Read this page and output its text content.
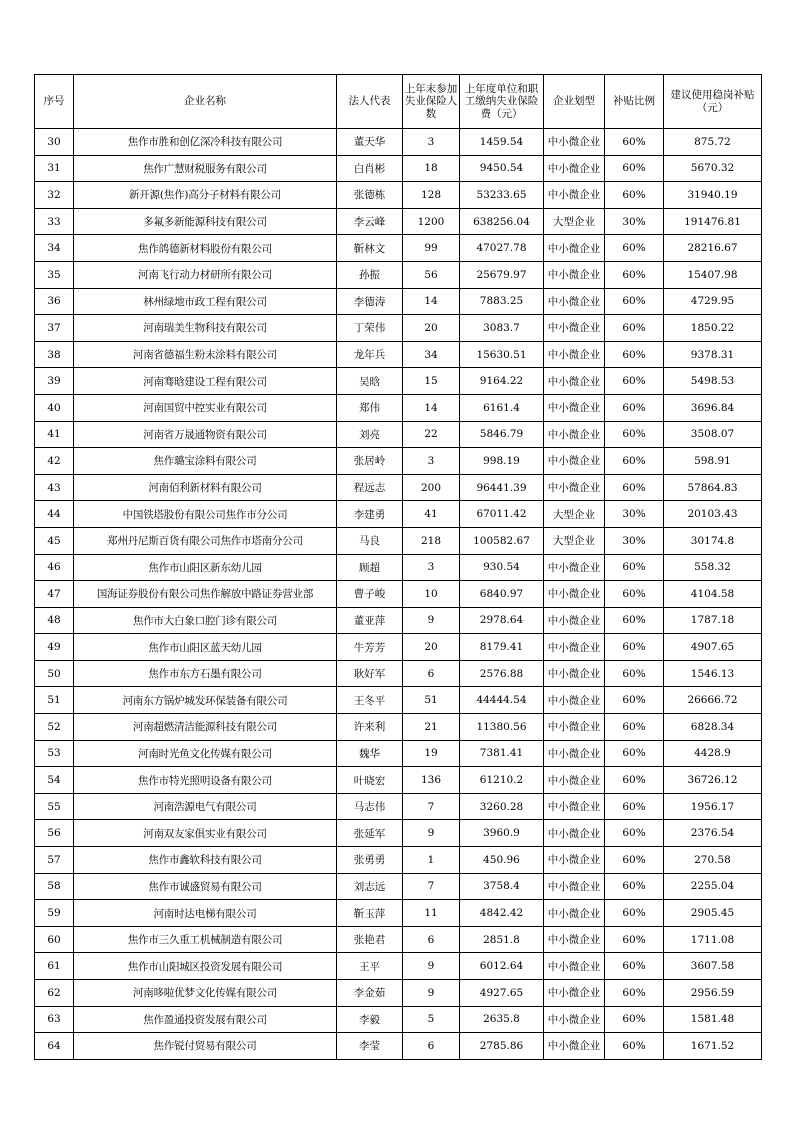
序号	企业名称	法人代表	上年末参加失业保险人数	上年度单位和职工缴纳失业保险费（元）	企业划型	补贴比例	建议使用稳岗补贴（元）
30	焦作市胜和创亿深冷科技有限公司	董天华	3	1459.54	中小微企业	60%	875.72
31	焦作广慧财税服务有限公司	白肖彬	18	9450.54	中小微企业	60%	5670.32
32	新开源(焦作)高分子材料有限公司	张德栋	128	53233.65	中小微企业	60%	31940.19
33	多氟多新能源科技有限公司	李云峰	1200	638256.04	大型企业	30%	191476.81
34	焦作鸽德新材料股份有限公司	靳林文	99	47027.78	中小微企业	60%	28216.67
35	河南飞行动力材研所有限公司	孙振	56	25679.97	中小微企业	60%	15407.98
36	林州绿地市政工程有限公司	李德涛	14	7883.25	中小微企业	60%	4729.95
37	河南瑞美生物科技有限公司	丁荣伟	20	3083.7	中小微企业	60%	1850.22
38	河南省德福生粉末涂料有限公司	龙年兵	34	15630.51	中小微企业	60%	9378.31
39	河南骞晗建设工程有限公司	吴晗	15	9164.22	中小微企业	60%	5498.53
40	河南国贸中控实业有限公司	郑伟	14	6161.4	中小微企业	60%	3696.84
41	河南省万晟通物资有限公司	刘亮	22	5846.79	中小微企业	60%	3508.07
42	焦作璐宝涂料有限公司	张居岭	3	998.19	中小微企业	60%	598.91
43	河南佰利新材料有限公司	程远志	200	96441.39	中小微企业	60%	57864.83
44	中国铁塔股份有限公司焦作市分公司	李建勇	41	67011.42	大型企业	30%	20103.43
45	郑州丹尼斯百货有限公司焦作市塔南分公司	马良	218	100582.67	大型企业	30%	30174.8
46	焦作市山阳区新东幼儿园	顾超	3	930.54	中小微企业	60%	558.32
47	国海证券股份有限公司焦作解放中路证券营业部	曹子峻	10	6840.97	中小微企业	60%	4104.58
48	焦作市大白象口腔门诊有限公司	董亚萍	9	2978.64	中小微企业	60%	1787.18
49	焦作市山阳区蓝天幼儿园	牛芳芳	20	8179.41	中小微企业	60%	4907.65
50	焦作市东方石墨有限公司	耿好军	6	2576.88	中小微企业	60%	1546.13
51	河南东方锅炉城发环保装备有限公司	王冬平	51	44444.54	中小微企业	60%	26666.72
52	河南超燃清洁能源科技有限公司	许来利	21	11380.56	中小微企业	60%	6828.34
53	河南时光鱼文化传媒有限公司	魏华	19	7381.41	中小微企业	60%	4428.9
54	焦作市特光照明设备有限公司	叶晓宏	136	61210.2	中小微企业	60%	36726.12
55	河南浩源电气有限公司	马志伟	7	3260.28	中小微企业	60%	1956.17
56	河南双友家俱实业有限公司	张延军	9	3960.9	中小微企业	60%	2376.54
57	焦作市鑫软科技有限公司	张勇勇	1	450.96	中小微企业	60%	270.58
58	焦作市诚盛贸易有限公司	刘志远	7	3758.4	中小微企业	60%	2255.04
59	河南时达电梯有限公司	靳玉萍	11	4842.42	中小微企业	60%	2905.45
60	焦作市三久重工机械制造有限公司	张艳君	6	2851.8	中小微企业	60%	1711.08
61	焦作市山阳城区投资发展有限公司	王平	9	6012.64	中小微企业	60%	3607.58
62	河南哆啦优梦文化传媒有限公司	李金茹	9	4927.65	中小微企业	60%	2956.59
63	焦作盈通投资发展有限公司	李毅	5	2635.8	中小微企业	60%	1581.48
64	焦作锐付贸易有限公司	李莹	6	2785.86	中小微企业	60%	1671.52
